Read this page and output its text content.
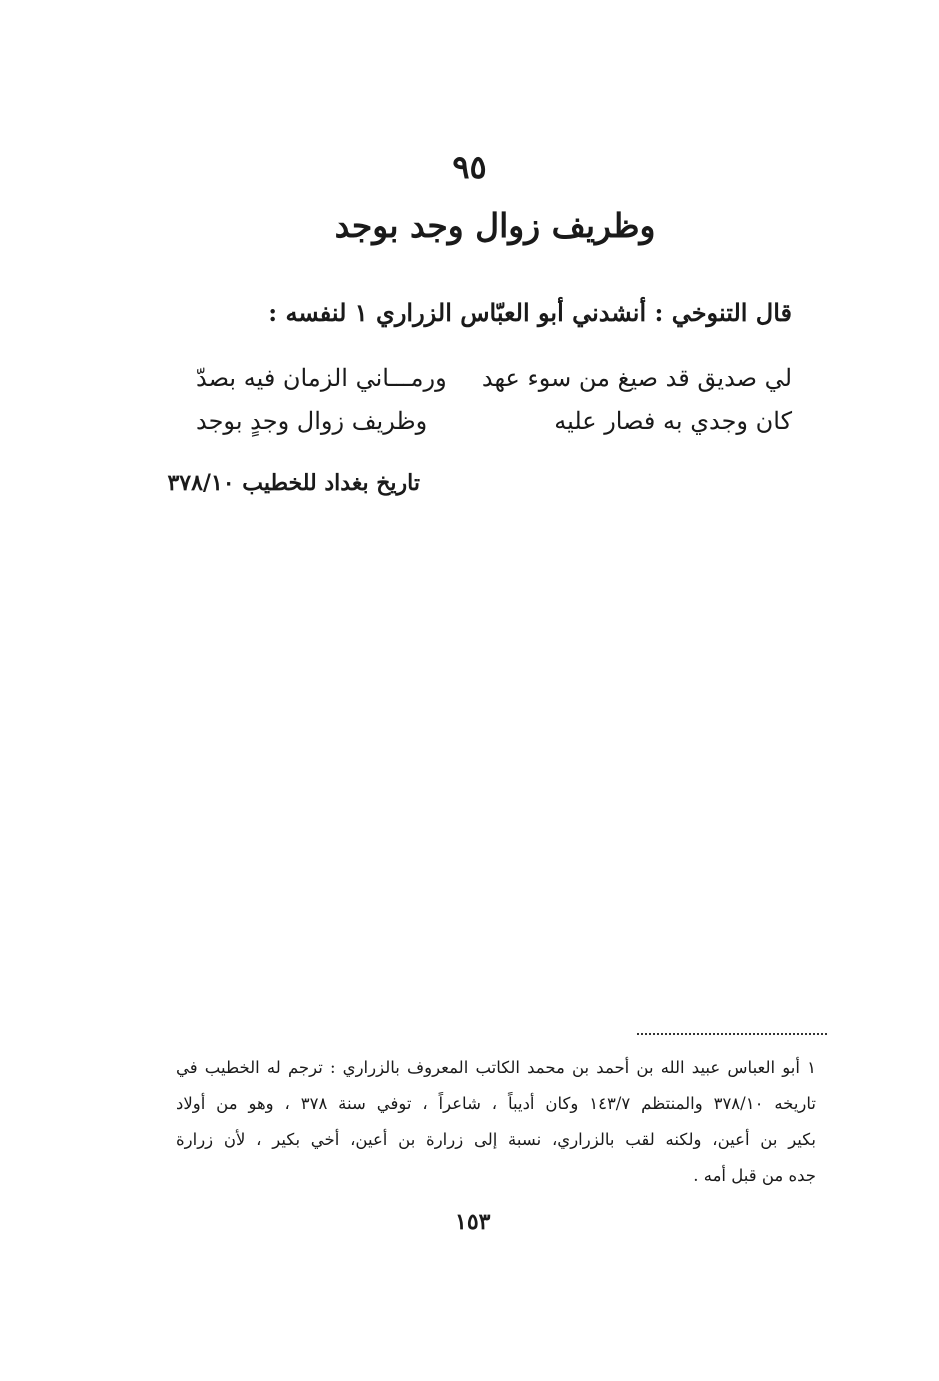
٩٥
وظريف زوال وجد بوجد
قال التنوخي : أنشدني أبو العبّاس الزراري ١ لنفسه :
لي صديق قد صيغ من سوء عهد
ورمـــاني الزمان فيه بصدّ
كان وجدي به فصار عليه
وظريف زوال وجدٍ بوجد
تاريخ بغداد للخطيب ٣٧٨/١٠
١ أبو العباس عبيد الله بن أحمد بن محمد الكاتب المعروف بالزراري : ترجم له الخطيب في
تاريخه ٣٧٨/١٠ والمنتظم ١٤٣/٧ وكان أديباً ، شاعراً ، توفي سنة ٣٧٨ ، وهو من أولاد
بكير بن أعين، ولكنه لقب بالزراري، نسبة إلى زرارة بن أعين، أخي بكير ، لأن زرارة
جده من قبل أمه .
١٥٣
